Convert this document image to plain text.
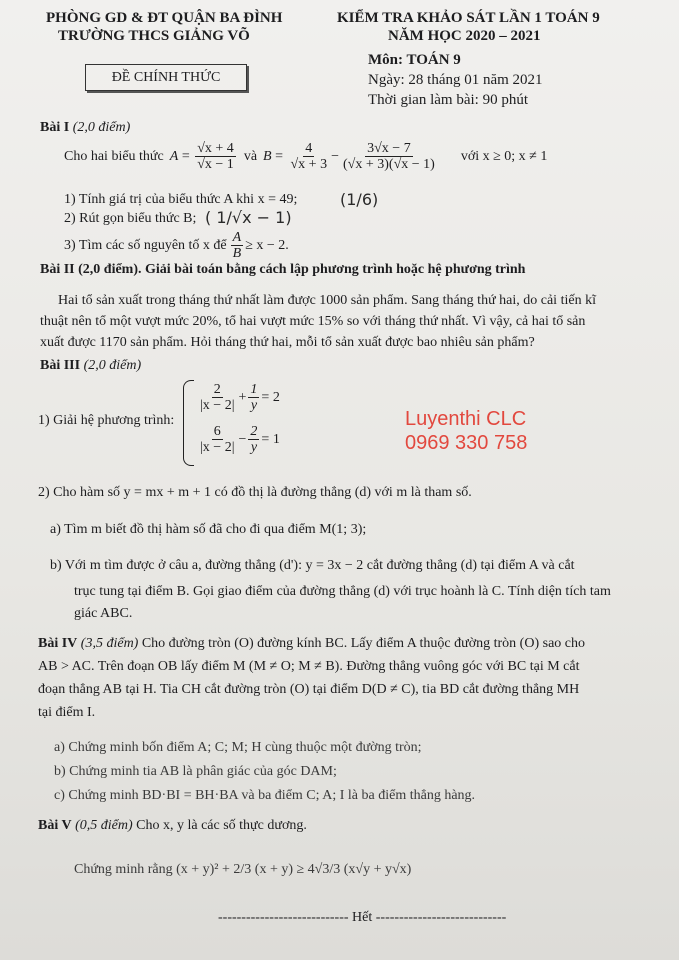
PHÒNG GD & ĐT QUẬN BA ĐÌNH
TRƯỜNG THCS GIẢNG VÕ
KIỂM TRA KHẢO SÁT LẦN 1 TOÁN 9
NĂM HỌC 2020 – 2021
ĐỀ CHÍNH THỨC
Môn: TOÁN 9
Ngày: 28 tháng 01 năm 2021
Thời gian làm bài: 90 phút
Bài I (2,0 điểm)
Cho hai biểu thức $A = \frac{√x + 4}{√x - 1}$ và $B = \frac{4}{√x + 3} - \frac{3√x - 7}{(√x + 3)(√x - 1)}$ với x ≥ 0; x ≠ 1
1) Tính giá trị của biểu thức A khi x = 49;	(1/6)
2) Rút gọn biểu thức B; ( 1/√x − 1)
3) Tìm các số nguyên tố x để $\frac{A}{B} \ge x - 2$.
Bài II (2,0 điểm). Giải bài toán bằng cách lập phương trình hoặc hệ phương trình
Hai tổ sản xuất trong tháng thứ nhất làm được 1000 sản phẩm. Sang tháng thứ hai, do cải tiến kĩ
thuật nên tổ một vượt mức 20%, tổ hai vượt mức 15% so với tháng thứ nhất. Vì vậy, cả hai tổ sản
xuất được 1170 sản phẩm. Hỏi tháng thứ hai, mỗi tổ sản xuất được bao nhiêu sản phẩm?
Bài III (2,0 điểm)
1) Giải hệ phương trình:
$\frac{2}{|x - 2|} + \frac{1}{y} = 2$
$\frac{6}{|x - 2|} - \frac{2}{y} = 1$
Luyenthi CLC
0969 330 758
2) Cho hàm số y = mx + m + 1 có đồ thị là đường thẳng (d) với m là tham số.
a) Tìm m biết đồ thị hàm số đã cho đi qua điểm M(1; 3);
b) Với m tìm được ở câu a, đường thẳng (d'): y = 3x − 2 cắt đường thẳng (d) tại điểm A và cắt
trục tung tại điểm B. Gọi giao điểm của đường thẳng (d) với trục hoành là C. Tính diện tích tam
giác ABC.
Bài IV (3,5 điểm) Cho đường tròn (O) đường kính BC. Lấy điểm A thuộc đường tròn (O) sao cho
AB > AC. Trên đoạn OB lấy điểm M (M ≠ O; M ≠ B). Đường thẳng vuông góc với BC tại M cắt
đoạn thẳng AB tại H. Tia CH cắt đường tròn (O) tại điểm D(D ≠ C), tia BD cắt đường thẳng MH
tại điểm I.
a) Chứng minh bốn điểm A; C; M; H cùng thuộc một đường tròn;
b) Chứng minh tia AB là phân giác của góc DAM;
c) Chứng minh BD·BI = BH·BA và ba điểm C; A; I là ba điểm thẳng hàng.
Bài V (0,5 điểm) Cho x, y là các số thực dương.
Chứng minh rằng (x + y)² + 2/3 (x + y) ≥ 4√3/3 (x√y + y√x)
---------------------------- Hết ----------------------------
